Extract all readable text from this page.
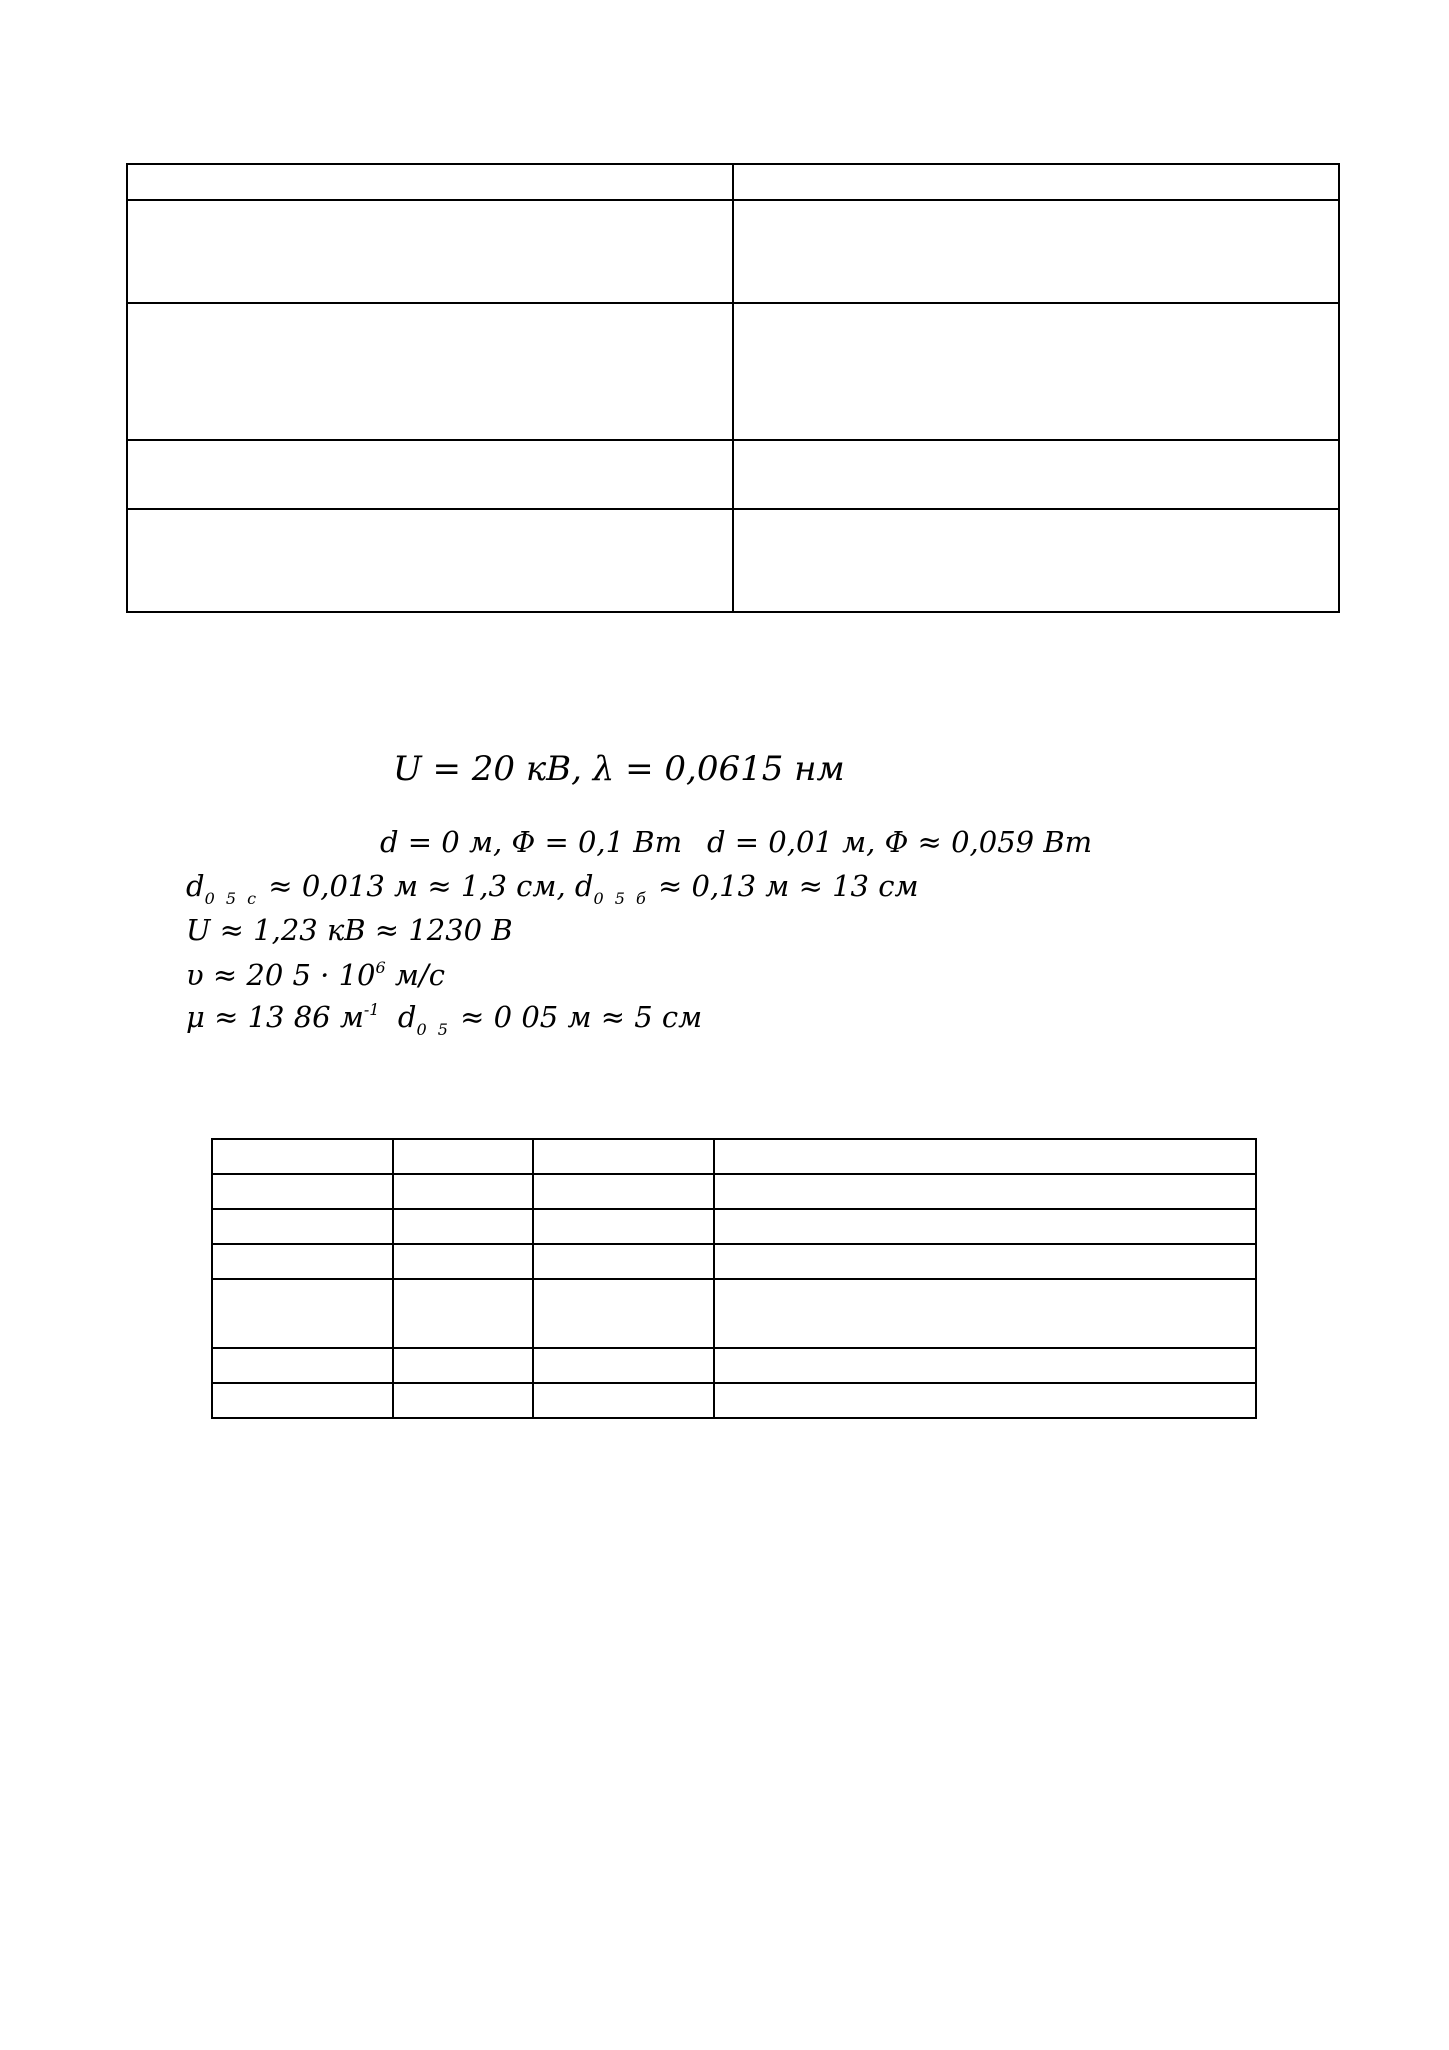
U = 20 кВ, λ = 0,0615 нм
d = 0 м, Φ = 0,1 Вт d = 0,01 м, Φ ≈ 0,059 Вт
$d_{0 5 с} \approx 0,013$ м ≈ 1,3 см, $d_{0 5 б} \approx 0,13$ м ≈ 13 см
U ≈ 1,23 кВ ≈ 1230 В
υ ≈ 20 $5 \cdot 10^6$ м/с
μ ≈ 13 86 $м^{-1}$ $d_{0 5} \approx 0$ 05 м ≈ 5 см
